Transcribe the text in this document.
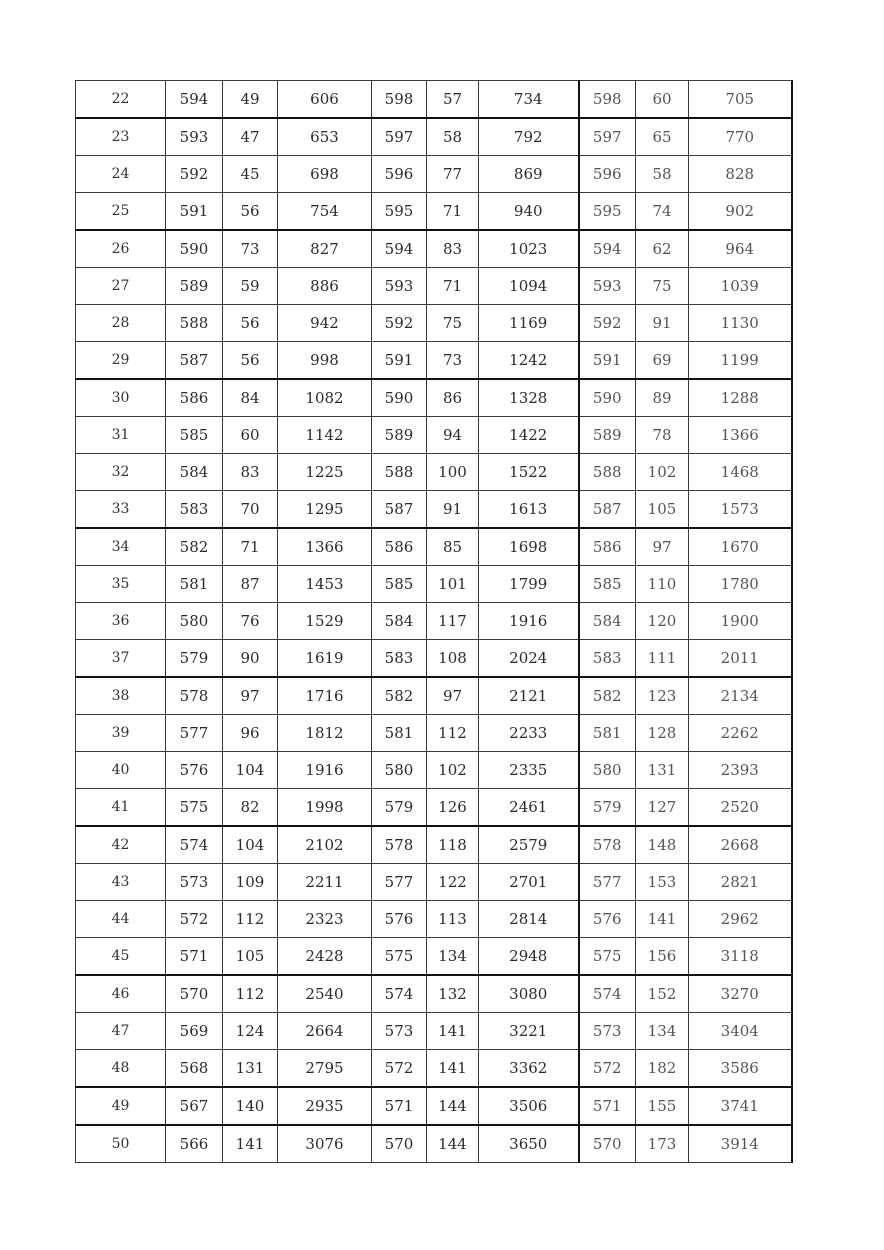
22	594	49	606	598	57	734	598	60	705
23	593	47	653	597	58	792	597	65	770
24	592	45	698	596	77	869	596	58	828
25	591	56	754	595	71	940	595	74	902
26	590	73	827	594	83	1023	594	62	964
27	589	59	886	593	71	1094	593	75	1039
28	588	56	942	592	75	1169	592	91	1130
29	587	56	998	591	73	1242	591	69	1199
30	586	84	1082	590	86	1328	590	89	1288
31	585	60	1142	589	94	1422	589	78	1366
32	584	83	1225	588	100	1522	588	102	1468
33	583	70	1295	587	91	1613	587	105	1573
34	582	71	1366	586	85	1698	586	97	1670
35	581	87	1453	585	101	1799	585	110	1780
36	580	76	1529	584	117	1916	584	120	1900
37	579	90	1619	583	108	2024	583	111	2011
38	578	97	1716	582	97	2121	582	123	2134
39	577	96	1812	581	112	2233	581	128	2262
40	576	104	1916	580	102	2335	580	131	2393
41	575	82	1998	579	126	2461	579	127	2520
42	574	104	2102	578	118	2579	578	148	2668
43	573	109	2211	577	122	2701	577	153	2821
44	572	112	2323	576	113	2814	576	141	2962
45	571	105	2428	575	134	2948	575	156	3118
46	570	112	2540	574	132	3080	574	152	3270
47	569	124	2664	573	141	3221	573	134	3404
48	568	131	2795	572	141	3362	572	182	3586
49	567	140	2935	571	144	3506	571	155	3741
50	566	141	3076	570	144	3650	570	173	3914
